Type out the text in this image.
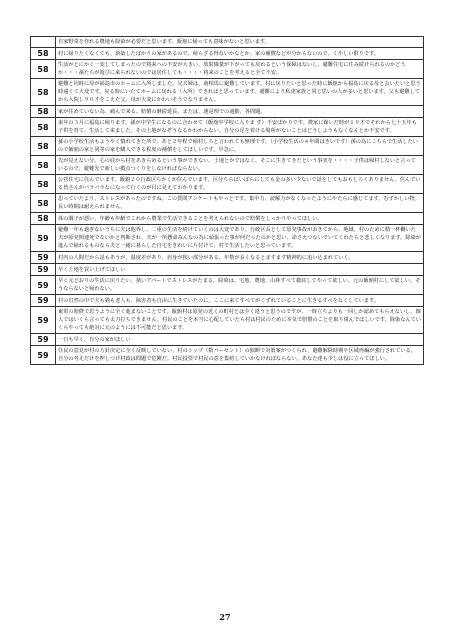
	自家野菜を作れる農地も除染が必要だと思います。飯舘に帰っても意味がないと思います。
58	村に帰りたくなくても、新築したばかりの家があるので、帰らざる得ないかなとか、家の補償などが分からないので、くやしい限りです。
58	生活がとにかく一変してしまったので将来への不安が大きい。放射線量が下がっても戻れるという保障はないし、避難住宅に住み続けられるのかどうか・・・孫たちが遊びに来られないのでは居住しても・・・・将来のことを考えると全て不安。
58	避難と同時に母が福島市のホームに入所しました。兄夫婦は、南相馬に避難しています。村に戻りたいと思った時に飯舘から福島に戻る母と会いたいと思う時遠くて大変です。戻る時にいたてホームに戻れる（入所）できればと思っています。避難により私達家族と同じ思いの人が多いと思います。父も避難してから入院し９０才をこえた父、母が大変にかわいそうでなりません。
58	家が住めていない為、痛んで来る。賠償の継続延長、または、速是理での通勤、各問題。
58	来年の３月に福島に帰ります。孫が中学生になるのに合わせて（飯舘中学校に入りま す）不安ばかりです。農家に嫁いだ時が１９才でそれから七十五年も子供を育て、生活して来ました。その土地がなぞうなるかわからない。自分の足を着ける場所がないことはどうしようもなくなんとか不安です。
58	孫の小学校生活もようやく慣れてきた所で、あと２年程で帰村しろと言われても無理です。（小学校生活の４年間はきいです）孫の為にこちらで生活したいので飯舘の家と同等の家を購入できる程度の補償をしてほしいです。早急に。
58	先が見えない分、心の底から村をあきらめるという事ができない。土地とかではなく、そこに生きてきたという事実を・・・・子供は帰村しないと言っているので、避難先で新しい拠点つくりをしなければならない。
58	公営住宅に住んでいます。飯舘２０行政区ちかくが住んでいます。区分ちらばいばらにしても金の多い少ないで話をしてもおもしろくありません。住んでいる皆さんがバラバラなになって行くのが目に見えてわかります。
58	思っていたより、ストレスがあったのですね。この質問アンケートもやっとです。集中力、読解力がなくなったようにやたらに感じてます。むずかしい物。長い時間は耐えられません。
58	体の調子が悪い。年齢も年齢でこれから農業で生活できることを考えられないので賠償をしっかりやってほしい。
59	避難一年も過ぎないうちに夫は他界し、二重の生活を続けていくのは大変であり、行政区長として原発事故がおきてから、地域、村のために精一杯働いた夫が原発関連死でないかと判断され、夫が一所懸命みんなの為に頑張った事が何だったのかと思い、命さえつないでいてくれたらと悲しくなります。除染が進んで帰れるものなら夫と一緒に暮らした自宅をきれいに片付けて、村で生活したいと思っています。
59	村内の人間だから話もあうが、温度差があり、肩身が狭い部分がある。年数が長くなるとますます精神的に追い込まれていく。
59	早く土地を買い上げてほしい
59	早く元どおりの生活に戻りたい。狭いアパートでストレスがたまる。除染は、宅地、農地、山林すべて徹底してやって欲しい。元の飯舘村にして欲しい。そうならないと帰れない。
59	村の自然の中で夫も猫も老人も、障害者も自由に生きていたのに。ここに来てすべてがくずれていることに生きるすべをなくしています。
59	東電の賠償で思うように全く進まないことです。飯舘村は原発の近くの町村とは全く違うと思うのですが、一時立ちよりも一回しか認めてもらえないし、個人ではいくら言っても太刀打ちできません。村民のことを本当に心配していたら村は村民のために本気で賠償のことを取り組んでほしいです。除染なんていくらやっても絶対に元のようには不可能だと思います。
59	一日も早く、自分の家がほしい
59	住民の意見が村の方針決定に全く反映していない。村のトップ（数パーセント）の独断で対策案がつくられ、避難解除時期や区域再編が強行されている。自分の考えだけを押しつけ村政は問題で危険だ。村民投票で村民の意を集約していかなければならない。あなた達も少しは役に立ってほしい。
27
